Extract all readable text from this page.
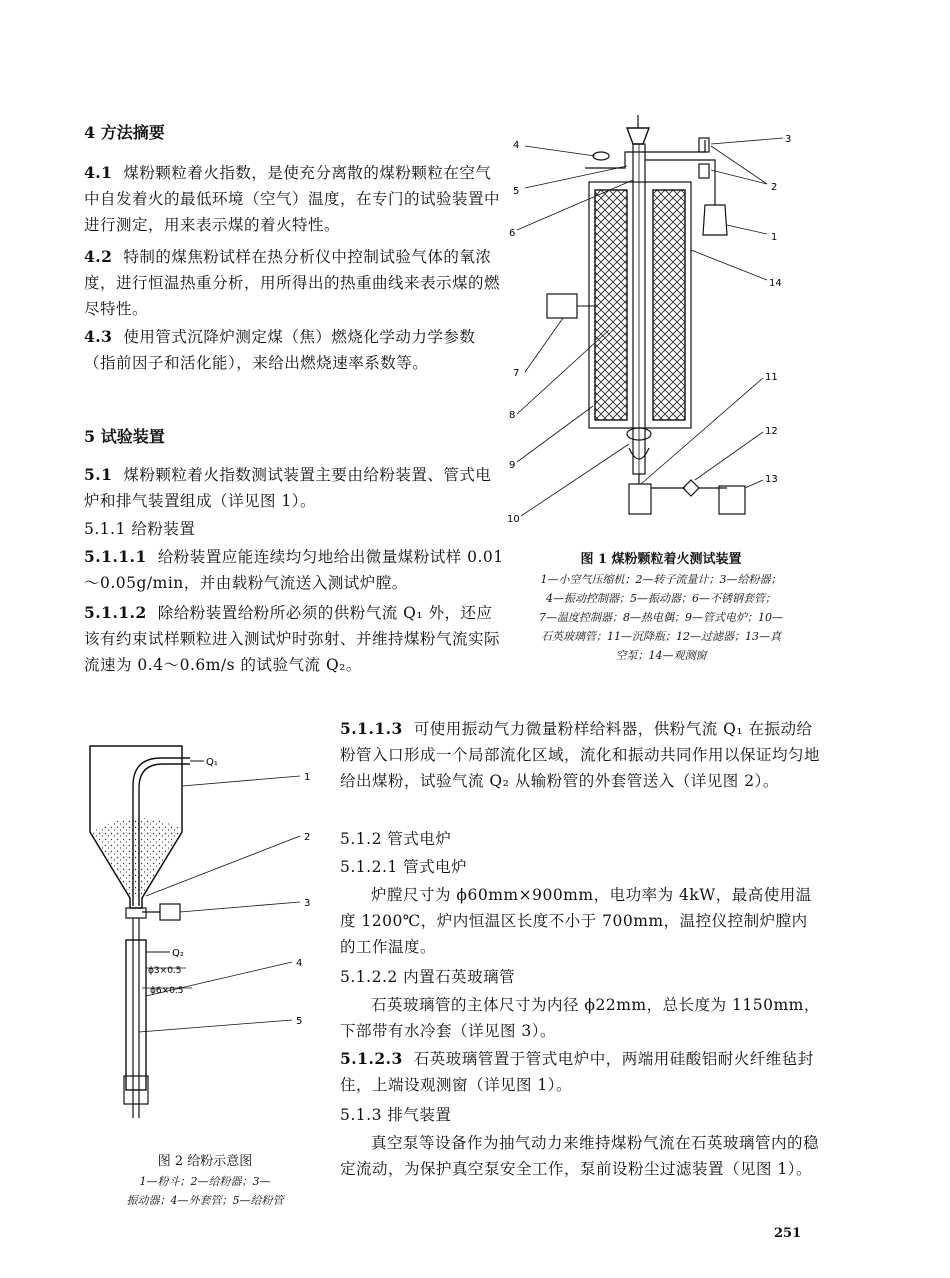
4 方法摘要
4.1 煤粉颗粒着火指数，是使充分离散的煤粉颗粒在空气中自发着火的最低环境（空气）温度，在专门的试验装置中进行测定，用来表示煤的着火特性。
4.2 特制的煤焦粉试样在热分析仪中控制试验气体的氧浓度，进行恒温热重分析，用所得出的热重曲线来表示煤的燃尽特性。
4.3 使用管式沉降炉测定煤（焦）燃烧化学动力学参数（指前因子和活化能），来给出燃烧速率系数等。
5 试验装置
5.1 煤粉颗粒着火指数测试装置主要由给粉装置、管式电炉和排气装置组成（详见图 1）。
5.1.1 给粉装置
5.1.1.1 给粉装置应能连续均匀地给出微量煤粉试样 0.01～0.05g/min，并由载粉气流送入测试炉膛。
5.1.1.2 除给粉装置给粉所必须的供粉气流 Q₁ 外，还应该有约束试样颗粒进入测试炉时弥射、并维持煤粉气流实际流速为 0.4～0.6m/s 的试验气流 Q₂。
5.1.1.3 可使用振动气力微量粉样给料器，供粉气流 Q₁ 在振动给粉管入口形成一个局部流化区域，流化和振动共同作用以保证均匀地给出煤粉，试验气流 Q₂ 从输粉管的外套管送入（详见图 2）。
5.1.2 管式电炉
5.1.2.1 管式电炉
炉膛尺寸为 ϕ60mm×900mm，电功率为 4kW，最高使用温度 1200℃，炉内恒温区长度不小于 700mm，温控仪控制炉膛内的工作温度。
5.1.2.2 内置石英玻璃管
石英玻璃管的主体尺寸为内径 ϕ22mm，总长度为 1150mm，下部带有水冷套（详见图 3）。
5.1.2.3 石英玻璃管置于管式电炉中，两端用硅酸铝耐火纤维毡封住，上端设观测窗（详见图 1）。
5.1.3 排气装置
真空泵等设备作为抽气动力来维持煤粉气流在石英玻璃管内的稳定流动，为保护真空泵安全工作，泵前设粉尘过滤装置（见图 1）。
3
2
4
5
6	1
14
7
8
9
10
11
12
13
图 1 煤粉颗粒着火测试装置
1—小空气压缩机；2—转子流量计；3—给粉器；
4—振动控制器；5—振动器；6—不锈钢套管；
7—温度控制器；8—热电偶；9—管式电炉；10—
石英玻璃管；11—沉降瓶；12—过滤器；13—真
空泵；14—观测窗
Q₁
Q₂
ϕ3×0.5
ϕ6×0.5
1
2
3
4
5
图 2 给粉示意图
1—粉斗；2—给粉器；3—
振动器；4—外套管；5—给粉管
251
